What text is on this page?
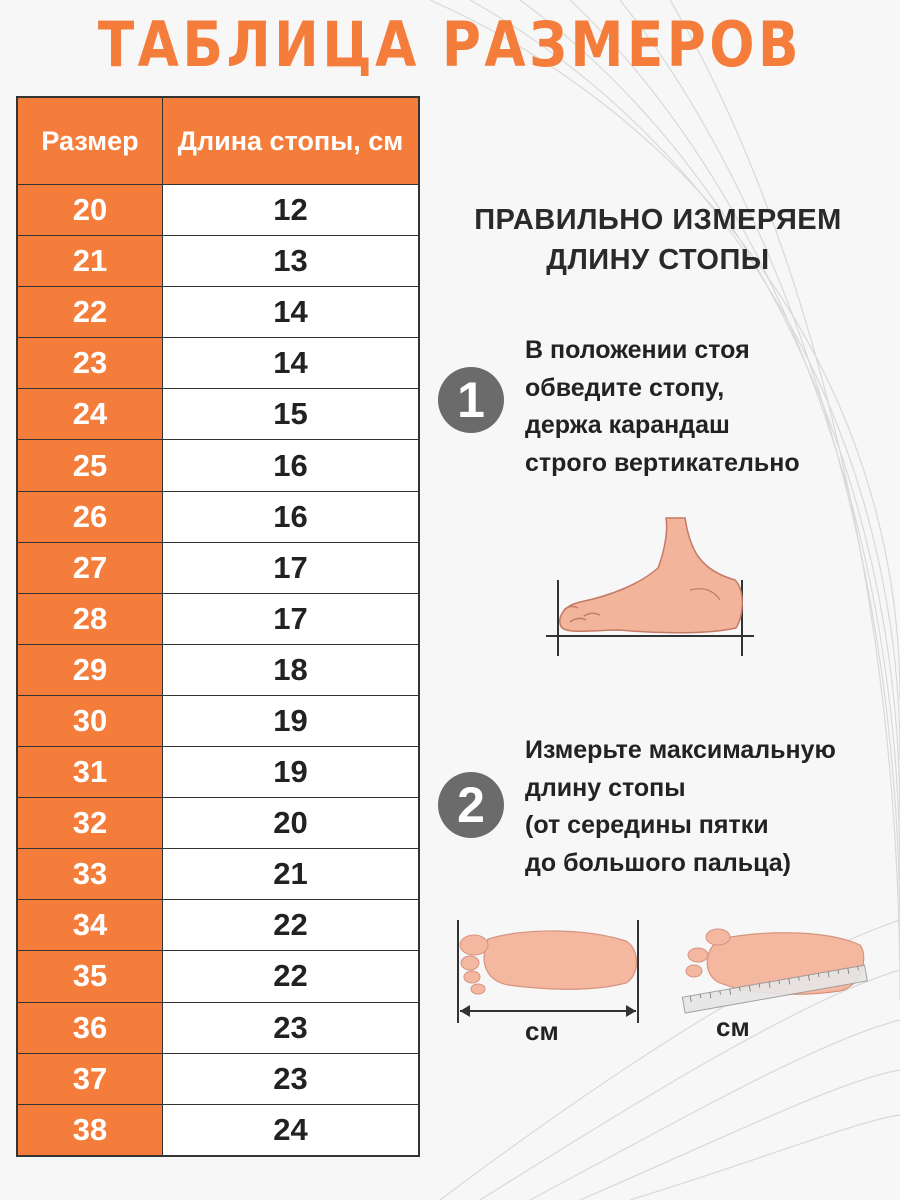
ТАБЛИЦА РАЗМЕРОВ
Размер	Длина стопы, см
20	12
21	13
22	14
23	14
24	15
25	16
26	16
27	17
28	17
29	18
30	19
31	19
32	20
33	21
34	22
35	22
36	23
37	23
38	24
ПРАВИЛЬНО ИЗМЕРЯЕМ ДЛИНУ СТОПЫ
1
В положении стоя
обведите стопу,
держа карандаш
строго вертикательно
2
Измерьте максимальную
длину стопы
(от середины пятки
до большого пальца)
см	см
